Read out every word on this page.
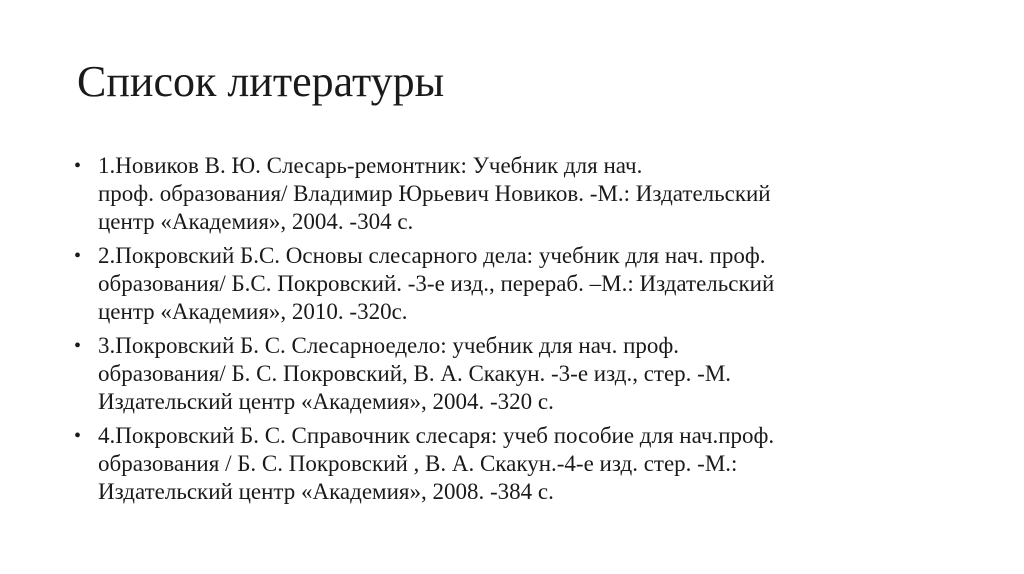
Список литературы
• 1.Новиков В. Ю. Слесарь-ремонтник: Учебник для нач.
проф. образования/ Владимир Юрьевич Новиков. -М.: Издательский
центр «Академия», 2004. -304 с.
• 2.Покровский Б.С. Основы слесарного дела: учебник для нач. проф.
образования/ Б.С. Покровский. -3-е изд., перераб. –М.: Издательский
центр «Академия», 2010. -320с.
• 3.Покровский Б. С. Слесарноедело: учебник для нач. проф.
образования/ Б. С. Покровский, В. А. Скакун. -3-е изд., стер. -М.
Издательский центр «Академия», 2004. -320 с.
• 4.Покровский Б. С. Справочник слесаря: учеб пособие для нач.проф.
образования / Б. С. Покровский , В. А. Скакун.-4-е изд. стер. -М.:
Издательский центр «Академия», 2008. -384 с.
